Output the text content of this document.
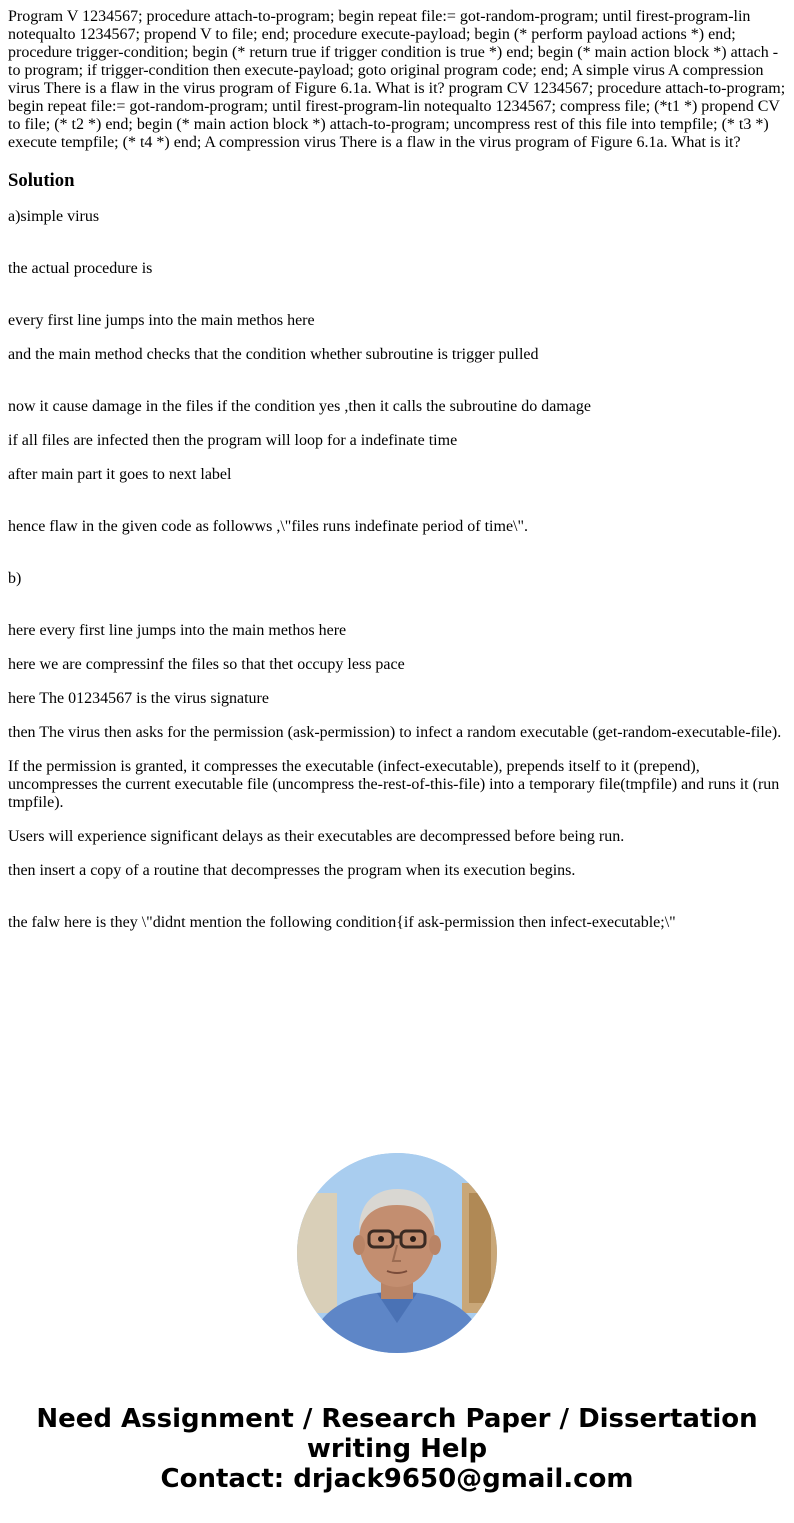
Program V 1234567; procedure attach-to-program; begin repeat file:= got-random-program; until firest-program-lin notequalto 1234567; propend V to file; end; procedure execute-payload; begin (* perform payload actions *) end; procedure trigger-condition; begin (* return true if trigger condition is true *) end; begin (* main action block *) attach - to program; if trigger-condition then execute-payload; goto original program code; end; A simple virus A compression virus There is a flaw in the virus program of Figure 6.1a. What is it? program CV 1234567; procedure attach-to-program; begin repeat file:= got-random-program; until firest-program-lin notequalto 1234567; compress file; (*t1 *) propend CV to file; (* t2 *) end; begin (* main action block *) attach-to-program; uncompress rest of this file into tempfile; (* t3 *) execute tempfile; (* t4 *) end; A compression virus There is a flaw in the virus program of Figure 6.1a. What is it?

Solution

a)simple virus

the actual procedure is

every first line jumps into the main methos here

and the main method checks that the condition whether subroutine is trigger pulled

now it cause damage in the files if the condition yes ,then it calls the subroutine do damage

if all files are infected then the program will loop for a indefinate time

after main part it goes to next label

hence flaw in the given code as followws ,\"files runs indefinate period of time\".

b)

here every first line jumps into the main methos here

here we are compressinf the files so that thet occupy less pace

here The 01234567 is the virus signature

then The virus then asks for the permission (ask-permission) to infect a random executable (get-random-executable-file).

If the permission is granted, it compresses the executable (infect-executable), prepends itself to it (prepend), uncompresses the current executable file (uncompress the-rest-of-this-file) into a temporary file(tmpfile) and runs it (run tmpfile).

Users will experience significant delays as their executables are decompressed before being run.

then insert a copy of a routine that decompresses the program when its execution begins.

the falw here is they \"didnt mention the following condition{if ask-permission then infect-executable;\"

Need Assignment / Research Paper / Dissertation
writing Help
Contact: drjack9650@gmail.com
